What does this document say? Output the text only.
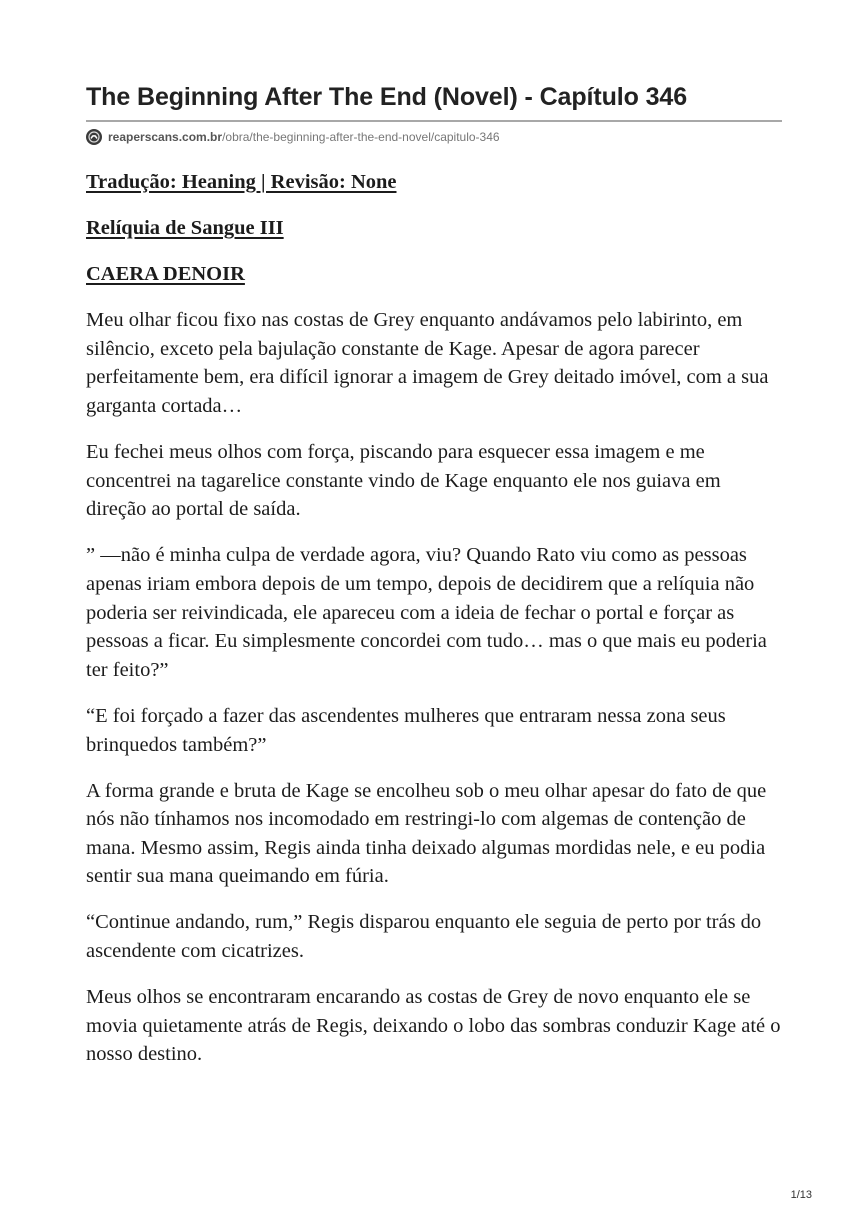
The Beginning After The End (Novel) - Capítulo 346
reaperscans.com.br /obra/the-beginning-after-the-end-novel/capitulo-346

Tradução: Heaning | Revisão: None

Relíquia de Sangue III

CAERA DENOIR

Meu olhar ficou fixo nas costas de Grey enquanto andávamos pelo labirinto, em silêncio, exceto pela bajulação constante de Kage. Apesar de agora parecer perfeitamente bem, era difícil ignorar a imagem de Grey deitado imóvel, com a sua garganta cortada…

Eu fechei meus olhos com força, piscando para esquecer essa imagem e me concentrei na tagarelice constante vindo de Kage enquanto ele nos guiava em direção ao portal de saída.

” —não é minha culpa de verdade agora, viu? Quando Rato viu como as pessoas apenas iriam embora depois de um tempo, depois de decidirem que a relíquia não poderia ser reivindicada, ele apareceu com a ideia de fechar o portal e forçar as pessoas a ficar. Eu simplesmente concordei com tudo… mas o que mais eu poderia ter feito?”

“E foi forçado a fazer das ascendentes mulheres que entraram nessa zona seus brinquedos também?”

A forma grande e bruta de Kage se encolheu sob o meu olhar apesar do fato de que nós não tínhamos nos incomodado em restringi-lo com algemas de contenção de mana. Mesmo assim, Regis ainda tinha deixado algumas mordidas nele, e eu podia sentir sua mana queimando em fúria.

“Continue andando, rum,” Regis disparou enquanto ele seguia de perto por trás do ascendente com cicatrizes.

Meus olhos se encontraram encarando as costas de Grey de novo enquanto ele se movia quietamente atrás de Regis, deixando o lobo das sombras conduzir Kage até o nosso destino.

1/13
